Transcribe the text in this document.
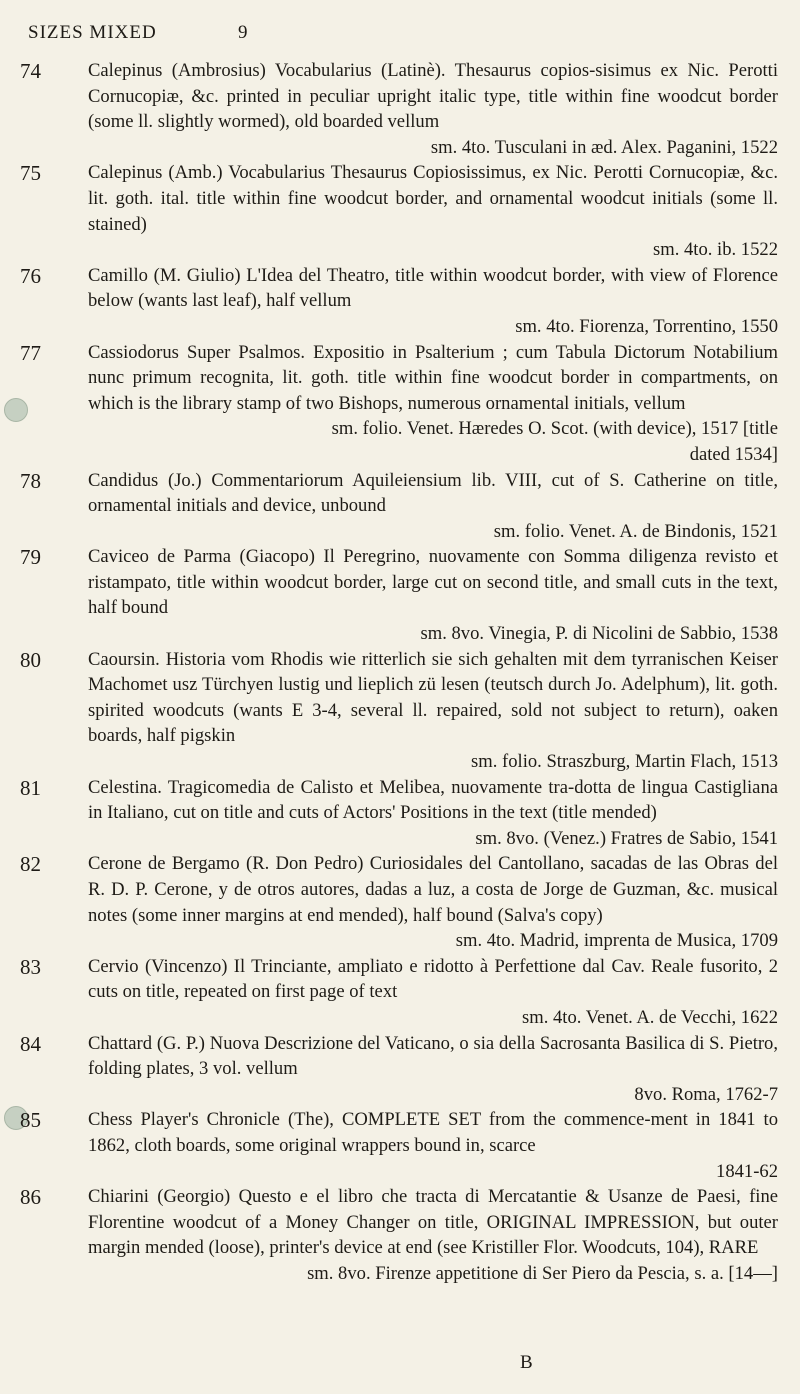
SIZES MIXED	9
74	Calepinus (Ambrosius) Vocabularius (Latinè). Thesaurus copios-sisimus ex Nic. Perotti Cornucopiæ, &c. printed in peculiar upright italic type, title within fine woodcut border (some ll. slightly wormed), old boarded vellum
sm. 4to. Tusculani in æd. Alex. Paganini, 1522
75	Calepinus (Amb.) Vocabularius Thesaurus Copiosissimus, ex Nic. Perotti Cornucopiæ, &c. lit. goth. ital. title within fine woodcut border, and ornamental woodcut initials (some ll. stained)
sm. 4to. ib. 1522
76	Camillo (M. Giulio) L'Idea del Theatro, title within woodcut border, with view of Florence below (wants last leaf), half vellum
sm. 4to. Fiorenza, Torrentino, 1550
77	Cassiodorus Super Psalmos. Expositio in Psalterium ; cum Tabula Dictorum Notabilium nunc primum recognita, lit. goth. title within fine woodcut border in compartments, on which is the library stamp of two Bishops, numerous ornamental initials, vellum
sm. folio. Venet. Hæredes O. Scot. (with device), 1517 [title
dated 1534]
78	Candidus (Jo.) Commentariorum Aquileiensium lib. VIII, cut of S. Catherine on title, ornamental initials and device, unbound
sm. folio. Venet. A. de Bindonis, 1521
79	Caviceo de Parma (Giacopo) Il Peregrino, nuovamente con Somma diligenza revisto et ristampato, title within woodcut border, large cut on second title, and small cuts in the text, half bound
sm. 8vo. Vinegia, P. di Nicolini de Sabbio, 1538
80	Caoursin. Historia vom Rhodis wie ritterlich sie sich gehalten mit dem tyrranischen Keiser Machomet usz Türchyen lustig und lieplich zü lesen (teutsch durch Jo. Adelphum), lit. goth. spirited woodcuts (wants E 3-4, several ll. repaired, sold not subject to return), oaken boards, half pigskin
sm. folio. Straszburg, Martin Flach, 1513
81	Celestina. Tragicomedia de Calisto et Melibea, nuovamente tra-dotta de lingua Castigliana in Italiano, cut on title and cuts of Actors' Positions in the text (title mended)
sm. 8vo. (Venez.) Fratres de Sabio, 1541
82	Cerone de Bergamo (R. Don Pedro) Curiosidales del Cantollano, sacadas de las Obras del R. D. P. Cerone, y de otros autores, dadas a luz, a costa de Jorge de Guzman, &c. musical notes (some inner margins at end mended), half bound (Salva's copy)
sm. 4to. Madrid, imprenta de Musica, 1709
83	Cervio (Vincenzo) Il Trinciante, ampliato e ridotto à Perfettione dal Cav. Reale fusorito, 2 cuts on title, repeated on first page of text
sm. 4to. Venet. A. de Vecchi, 1622
84	Chattard (G. P.) Nuova Descrizione del Vaticano, o sia della Sacrosanta Basilica di S. Pietro, folding plates, 3 vol. vellum
8vo. Roma, 1762-7
85	Chess Player's Chronicle (The), COMPLETE SET from the commence-ment in 1841 to 1862, cloth boards, some original wrappers bound in, scarce
1841-62
86	Chiarini (Georgio) Questo e el libro che tracta di Mercatantie & Usanze de Paesi, fine Florentine woodcut of a Money Changer on title, ORIGINAL IMPRESSION, but outer margin mended (loose), printer's device at end (see Kristiller Flor. Woodcuts, 104), RARE
sm. 8vo. Firenze appetitione di Ser Piero da Pescia, s. a. [14—]
B
